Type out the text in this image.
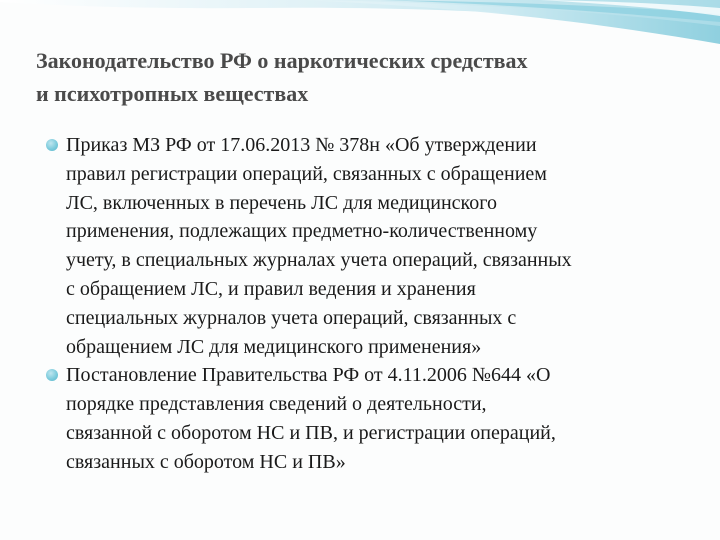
Законодательство РФ о наркотических средствах
и психотропных веществах
Приказ МЗ РФ от 17.06.2013 № 378н «Об утверждении
правил регистрации операций, связанных с обращением
ЛС, включенных в перечень ЛС для медицинского
применения, подлежащих предметно-количественному
учету, в специальных журналах учета операций, связанных
с обращением ЛС, и правил ведения и хранения
специальных журналов учета операций, связанных с
обращением ЛС для медицинского применения»
Постановление Правительства РФ от 4.11.2006 №644 «О
порядке представления сведений о деятельности,
связанной с оборотом НС и ПВ, и регистрации операций,
связанных с оборотом НС и ПВ»
